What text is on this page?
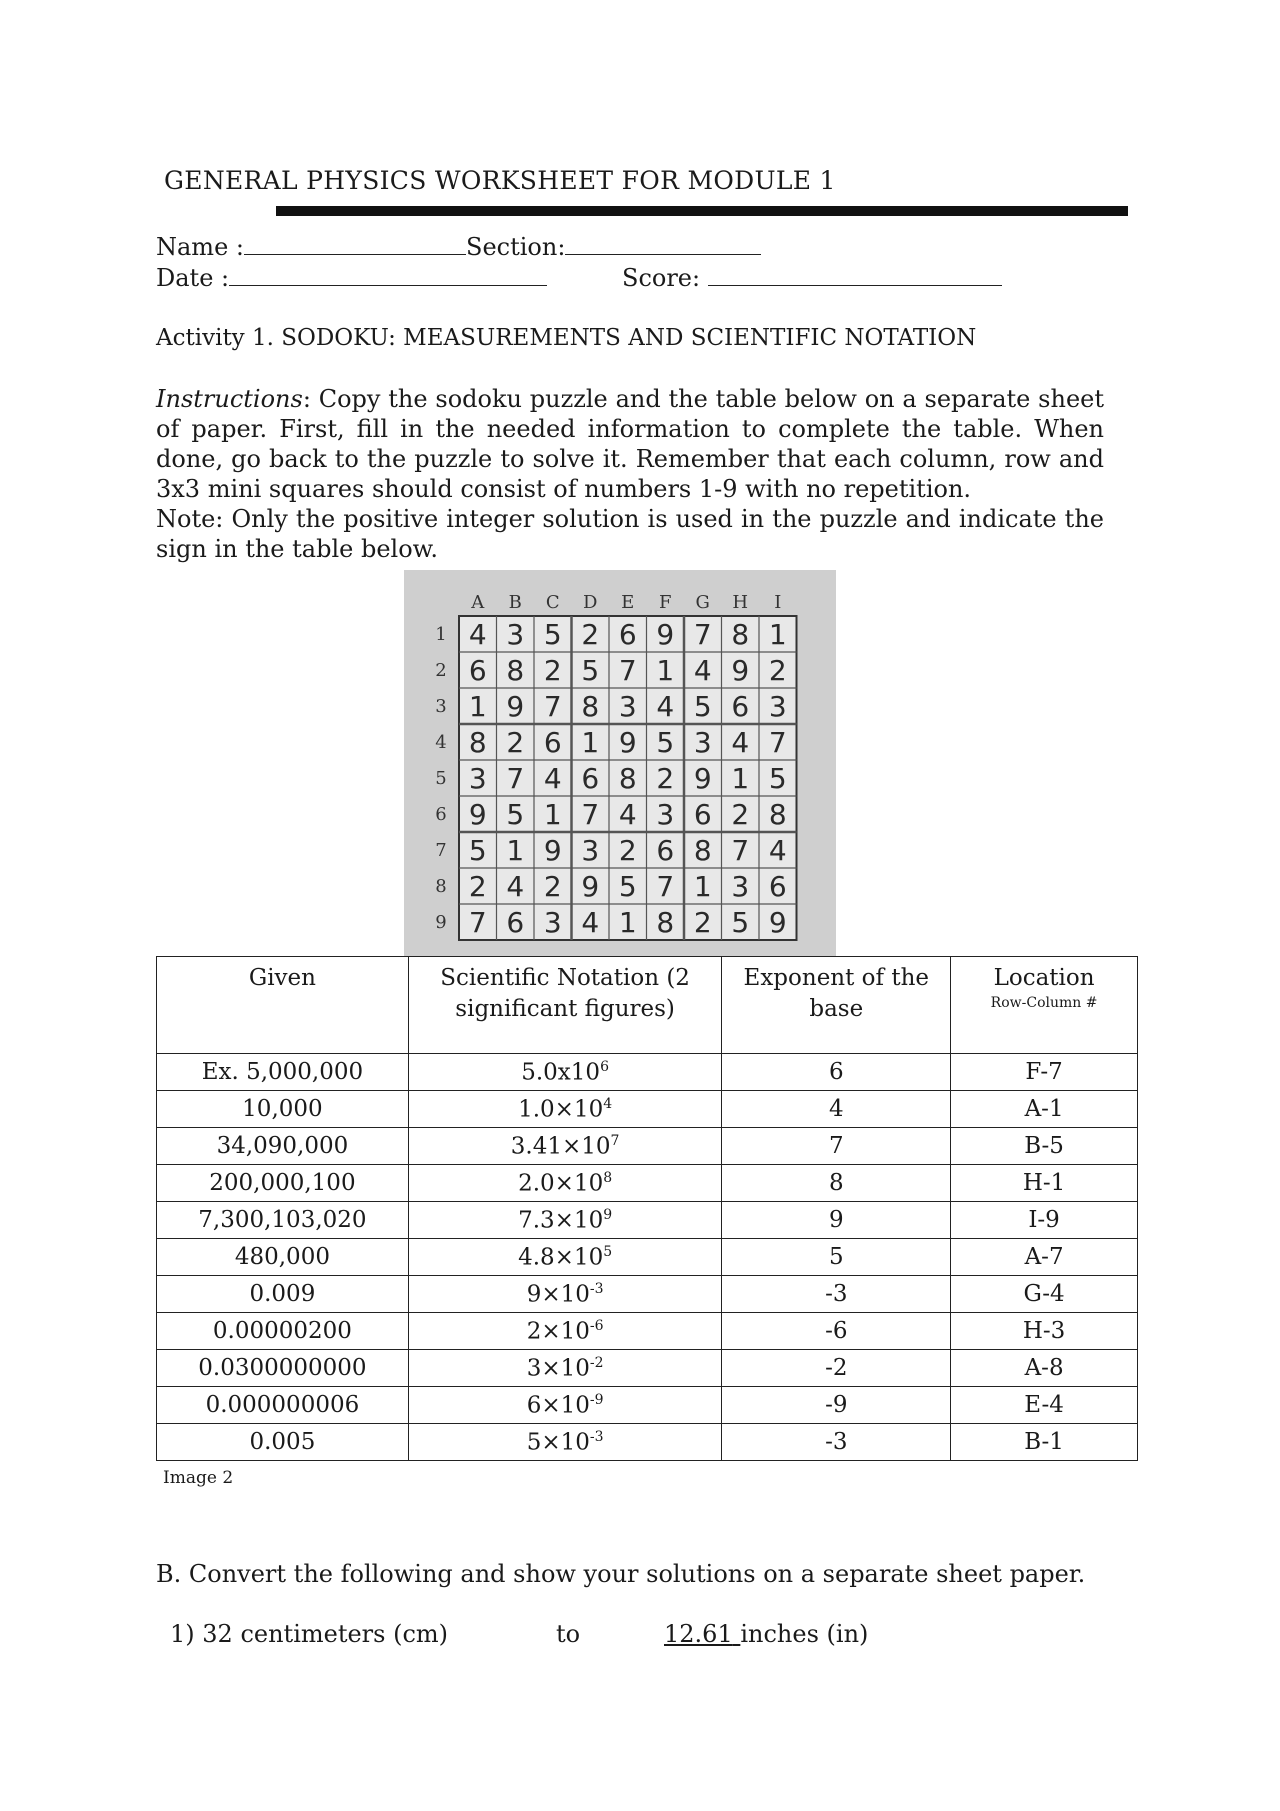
GENERAL PHYSICS WORKSHEET FOR MODULE 1
Name :	Section:
Date :	Score:
Activity 1. SODOKU: MEASUREMENTS AND SCIENTIFIC NOTATION

Instructions: Copy the sodoku puzzle and the table below on a separate sheet of paper. First, fill in the needed information to complete the table. When done, go back to the puzzle to solve it. Remember that each column, row and 3x3 mini squares should consist of numbers 1-9 with no repetition.

Note: Only the positive integer solution is used in the puzzle and indicate the sign in the table below.

A B C D E F G H I
1
2
3
4
5
6
7
8
9
4 3 5 2 6 9 7 8 1
6 8 2 5 7 1 4 9 2
1 9 7 8 3 4 5 6 3
8 2 6 1 9 5 3 4 7
3 7 4 6 8 2 9 1 5
9 5 1 7 4 3 6 2 8
5 1 9 3 2 6 8 7 4
2 4 2 9 5 7 1 3 6
7 6 3 4 1 8 2 5 9
Given	Scientific Notation (2 significant figures)	Exponent of the base	Location
Row-Column #

Ex. 5,000,000	$5.0x10^6$	6	F-7
10,000	$1.0\times 10^4$	4	A-1
34,090,000	$3.41\times 10^7$	7	B-5
200,000,100	$2.0\times 10^8$	8	H-1
7,300,103,020	$7.3\times 10^9$	9	I-9
480,000	$4.8\times 10^5$	5	A-7
0.009	$9\times 10^{-3}$	-3	G-4
0.00000200	$2\times 10^{-6}$	-6	H-3
0.0300000000	$3\times 10^{-2}$	-2	A-8
0.000000006	$6\times 10^{-9}$	-9	E-4
0.005	$5\times 10^{-3}$	-3	B-1
Image 2
B. Convert the following and show your solutions on a separate sheet paper.
1) 32 centimeters (cm)	to	12.61 inches (in)
